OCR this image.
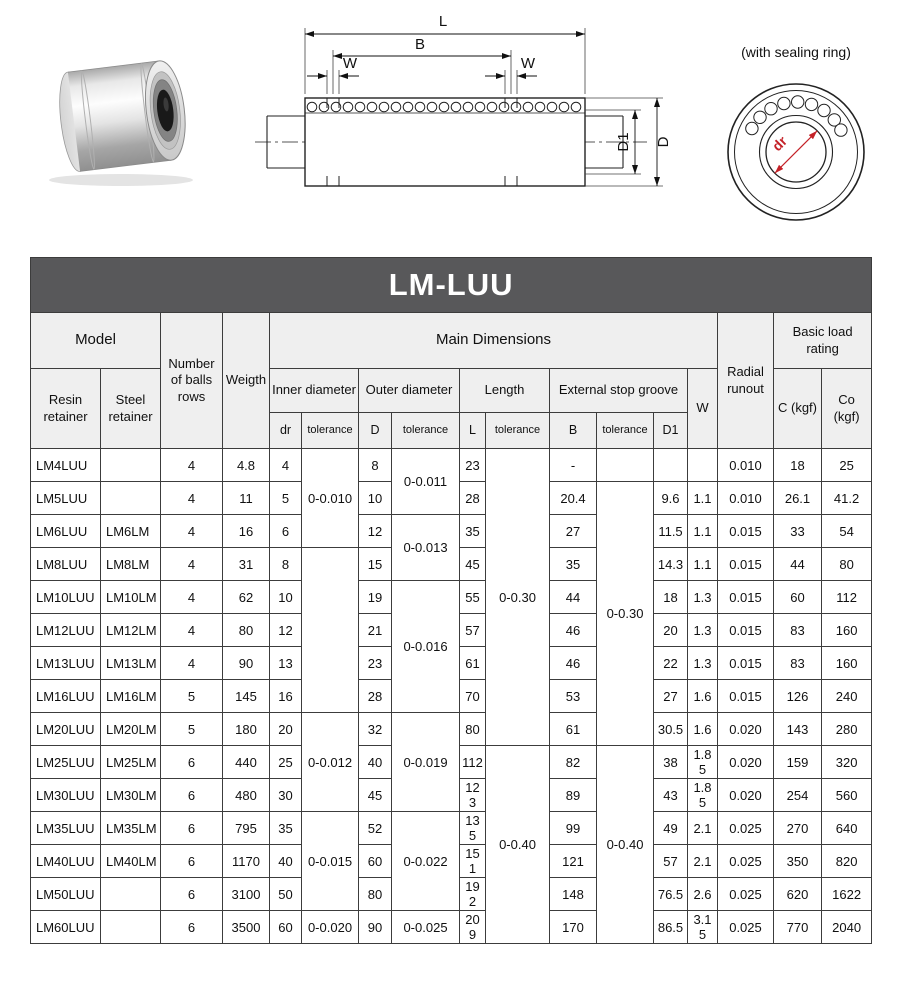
L
B
W	W
D1 D
(with sealing ring)
dr
LM-LUU																
Model		Number of balls rows	Weigth	Main Dimensions										Radial runout	Basic load rating	
Resin retainer	Steel retainer			Inner diameter		Outer diameter		Length		External stop groove			W		C (kgf)	Co (kgf)
				dr	tolerance	D	tolerance	L	tolerance	B	tolerance	D1				
LM4LUU		4	4.8	4	0-0.010	8	0-0.011	23	0-0.30	-				0.010	18	25
LM5LUU		4	11	5		10		28		20.4	0-0.30	9.6	1.1	0.010	26.1	41.2
LM6LUU	LM6LM	4	16	6		12	0-0.013	35		27		11.5	1.1	0.015	33	54
LM8LUU	LM8LM	4	31	8		15		45		35		14.3	1.1	0.015	44	80
LM10LUU	LM10LM	4	62	10		19	0-0.016	55		44		18	1.3	0.015	60	112
LM12LUU	LM12LM	4	80	12		21		57		46		20	1.3	0.015	83	160
LM13LUU	LM13LM	4	90	13		23		61		46		22	1.3	0.015	83	160
LM16LUU	LM16LM	5	145	16		28		70		53		27	1.6	0.015	126	240
LM20LUU	LM20LM	5	180	20	0-0.012	32	0-0.019	80		61		30.5	1.6	0.020	143	280
LM25LUU	LM25LM	6	440	25		40		112	0-0.40	82	0-0.40	38	1.85	0.020	159	320
LM30LUU	LM30LM	6	480	30		45		123		89		43	1.85	0.020	254	560
LM35LUU	LM35LM	6	795	35	0-0.015	52	0-0.022	135		99		49	2.1	0.025	270	640
LM40LUU	LM40LM	6	1170	40		60		151		121		57	2.1	0.025	350	820
LM50LUU		6	3100	50		80		192		148		76.5	2.6	0.025	620	1622
LM60LUU		6	3500	60	0-0.020	90	0-0.025	209		170		86.5	3.15	0.025	770	2040
